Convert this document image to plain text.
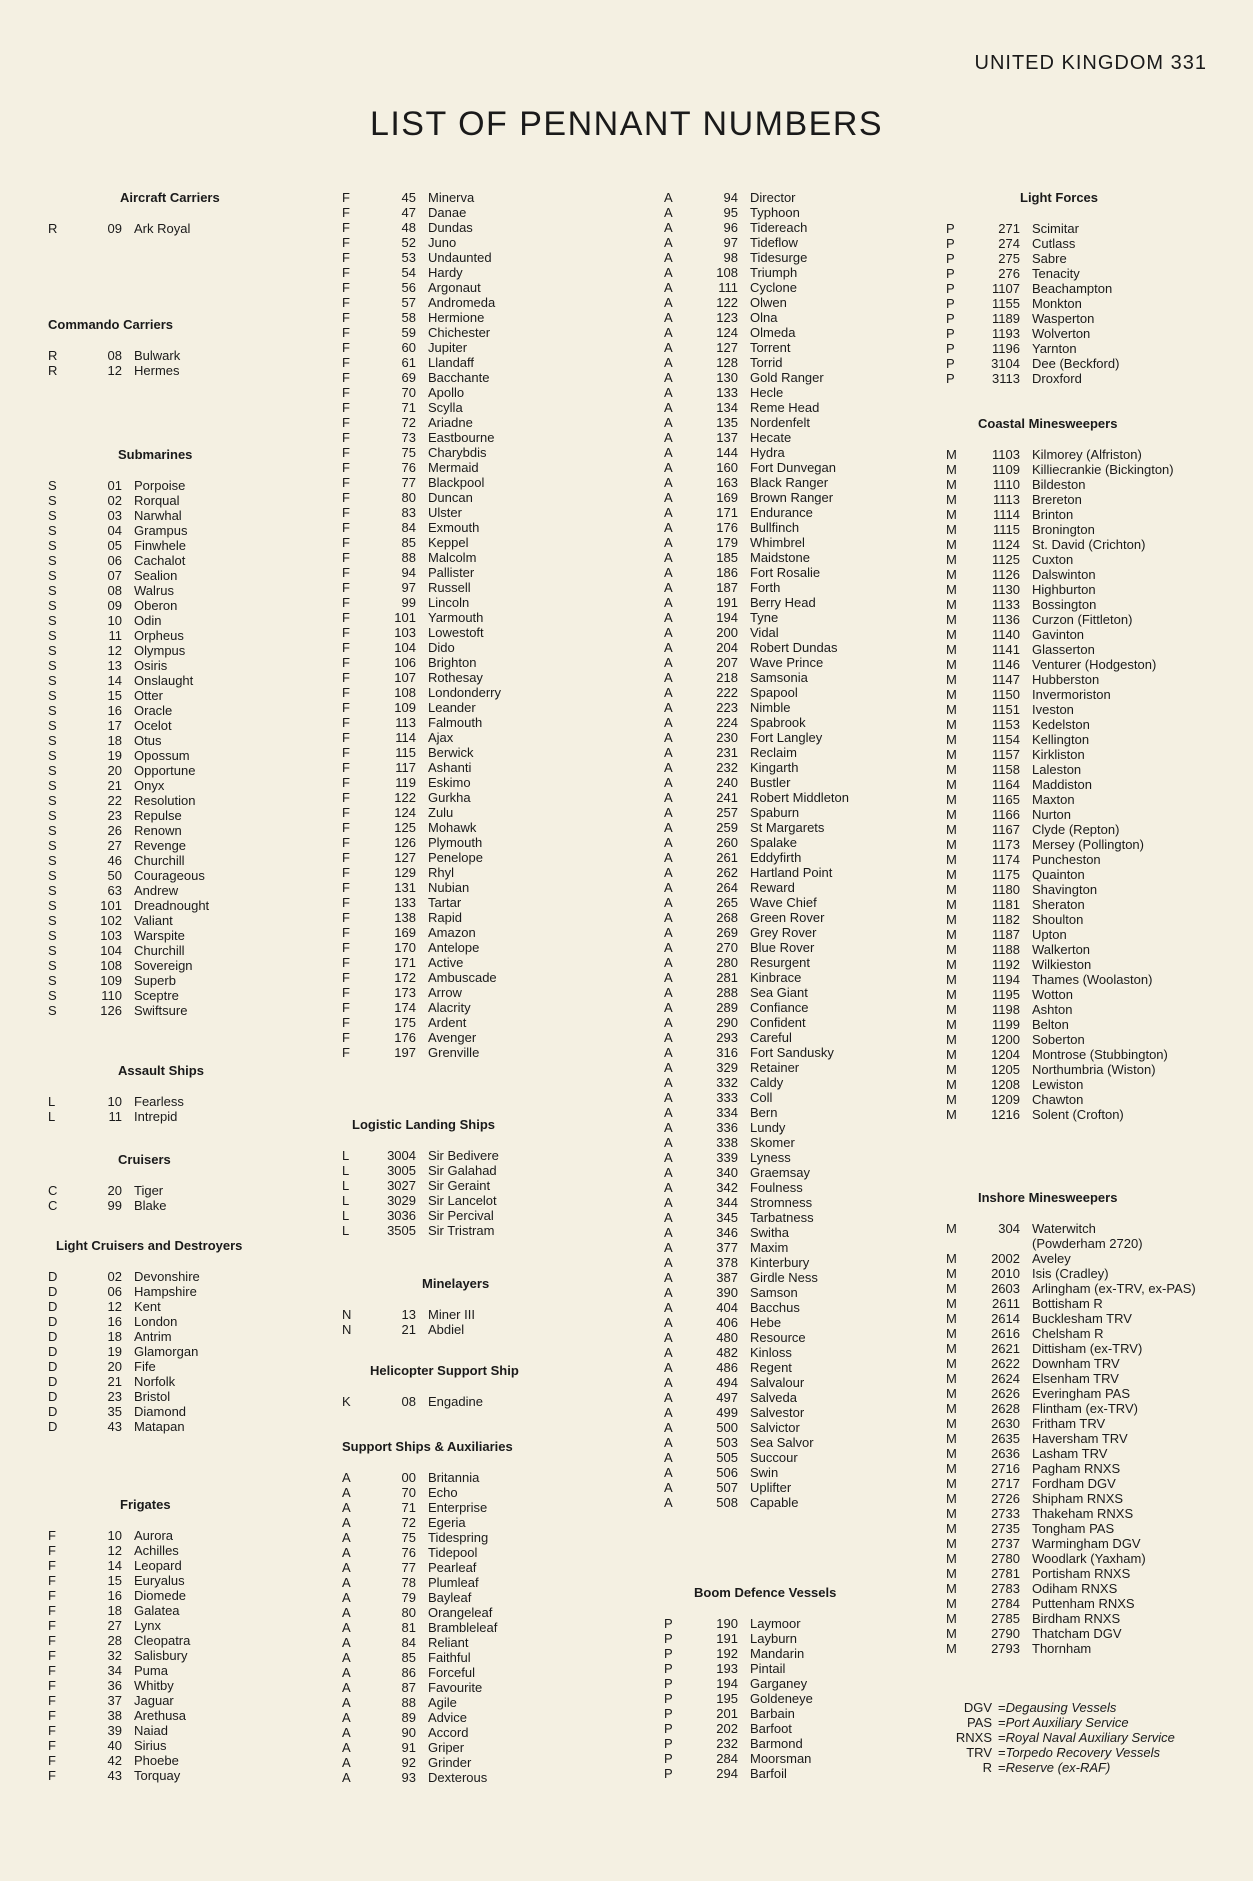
UNITED KINGDOM 331
LIST OF PENNANT NUMBERS
Aircraft Carriers
R	09 Ark Royal
Commando Carriers
R	08 Bulwark
R	12 Hermes
Submarines
S	01 Porpoise
S	02 Rorqual
S	03 Narwhal
S	04 Grampus
S	05 Finwhele
S	06 Cachalot
S	07 Sealion
S	08 Walrus
S	09 Oberon
S	10 Odin
S	11 Orpheus
S	12 Olympus
S	13 Osiris
S	14 Onslaught
S	15 Otter
S	16 Oracle
S	17 Ocelot
S	18 Otus
S	19 Opossum
S	20 Opportune
S	21 Onyx
S	22 Resolution
S	23 Repulse
S	26 Renown
S	27 Revenge
S	46 Churchill
S	50 Courageous
S	63 Andrew
S	101 Dreadnought
S	102 Valiant
S	103 Warspite
S	104 Churchill
S	108 Sovereign
S	109 Superb
S	110 Sceptre
S	126 Swiftsure
Assault Ships
L	10 Fearless
L	11 Intrepid
Cruisers
C	20 Tiger
C	99 Blake
Light Cruisers and Destroyers
D	02 Devonshire
D	06 Hampshire
D	12 Kent
D	16 London
D	18 Antrim
D	19 Glamorgan
D	20 Fife
D	21 Norfolk
D	23 Bristol
D	35 Diamond
D	43 Matapan
Frigates
F	10 Aurora
F	12 Achilles
F	14 Leopard
F	15 Euryalus
F	16 Diomede
F	18 Galatea
F	27 Lynx
F	28 Cleopatra
F	32 Salisbury
F	34 Puma
F	36 Whitby
F	37 Jaguar
F	38 Arethusa
F	39 Naiad
F	40 Sirius
F	42 Phoebe
F	43 Torquay
F	45 Minerva
F	47 Danae
F	48 Dundas
F	52 Juno
F	53 Undaunted
F	54 Hardy
F	56 Argonaut
F	57 Andromeda
F	58 Hermione
F	59 Chichester
F	60 Jupiter
F	61 Llandaff
F	69 Bacchante
F	70 Apollo
F	71 Scylla
F	72 Ariadne
F	73 Eastbourne
F	75 Charybdis
F	76 Mermaid
F	77 Blackpool
F	80 Duncan
F	83 Ulster
F	84 Exmouth
F	85 Keppel
F	88 Malcolm
F	94 Pallister
F	97 Russell
F	99 Lincoln
F	101 Yarmouth
F	103 Lowestoft
F	104 Dido
F	106 Brighton
F	107 Rothesay
F	108 Londonderry
F	109 Leander
F	113 Falmouth
F	114 Ajax
F	115 Berwick
F	117 Ashanti
F	119 Eskimo
F	122 Gurkha
F	124 Zulu
F	125 Mohawk
F	126 Plymouth
F	127 Penelope
F	129 Rhyl
F	131 Nubian
F	133 Tartar
F	138 Rapid
F	169 Amazon
F	170 Antelope
F	171 Active
F	172 Ambuscade
F	173 Arrow
F	174 Alacrity
F	175 Ardent
F	176 Avenger
F	197 Grenville
Logistic Landing Ships
L	3004 Sir Bedivere
L	3005 Sir Galahad
L	3027 Sir Geraint
L	3029 Sir Lancelot
L	3036 Sir Percival
L	3505 Sir Tristram
Minelayers
N	13 Miner III
N	21 Abdiel
Helicopter Support Ship
K	08 Engadine
Support Ships & Auxiliaries
A	00 Britannia
A	70 Echo
A	71 Enterprise
A	72 Egeria
A	75 Tidespring
A	76 Tidepool
A	77 Pearleaf
A	78 Plumleaf
A	79 Bayleaf
A	80 Orangeleaf
A	81 Brambleleaf
A	84 Reliant
A	85 Faithful
A	86 Forceful
A	87 Favourite
A	88 Agile
A	89 Advice
A	90 Accord
A	91 Griper
A	92 Grinder
A	93 Dexterous
A	94 Director
A	95 Typhoon
A	96 Tidereach
A	97 Tideflow
A	98 Tidesurge
A	108 Triumph
A	111 Cyclone
A	122 Olwen
A	123 Olna
A	124 Olmeda
A	127 Torrent
A	128 Torrid
A	130 Gold Ranger
A	133 Hecle
A	134 Reme Head
A	135 Nordenfelt
A	137 Hecate
A	144 Hydra
A	160 Fort Dunvegan
A	163 Black Ranger
A	169 Brown Ranger
A	171 Endurance
A	176 Bullfinch
A	179 Whimbrel
A	185 Maidstone
A	186 Fort Rosalie
A	187 Forth
A	191 Berry Head
A	194 Tyne
A	200 Vidal
A	204 Robert Dundas
A	207 Wave Prince
A	218 Samsonia
A	222 Spapool
A	223 Nimble
A	224 Spabrook
A	230 Fort Langley
A	231 Reclaim
A	232 Kingarth
A	240 Bustler
A	241 Robert Middleton
A	257 Spaburn
A	259 St Margarets
A	260 Spalake
A	261 Eddyfirth
A	262 Hartland Point
A	264 Reward
A	265 Wave Chief
A	268 Green Rover
A	269 Grey Rover
A	270 Blue Rover
A	280 Resurgent
A	281 Kinbrace
A	288 Sea Giant
A	289 Confiance
A	290 Confident
A	293 Careful
A	316 Fort Sandusky
A	329 Retainer
A	332 Caldy
A	333 Coll
A	334 Bern
A	336 Lundy
A	338 Skomer
A	339 Lyness
A	340 Graemsay
A	342 Foulness
A	344 Stromness
A	345 Tarbatness
A	346 Switha
A	377 Maxim
A	378 Kinterbury
A	387 Girdle Ness
A	390 Samson
A	404 Bacchus
A	406 Hebe
A	480 Resource
A	482 Kinloss
A	486 Regent
A	494 Salvalour
A	497 Salveda
A	499 Salvestor
A	500 Salvictor
A	503 Sea Salvor
A	505 Succour
A	506 Swin
A	507 Uplifter
A	508 Capable
Boom Defence Vessels
P	190 Laymoor
P	191 Layburn
P	192 Mandarin
P	193 Pintail
P	194 Garganey
P	195 Goldeneye
P	201 Barbain
P	202 Barfoot
P	232 Barmond
P	284 Moorsman
P	294 Barfoil
Light Forces
P	271 Scimitar
P	274 Cutlass
P	275 Sabre
P	276 Tenacity
P	1107 Beachampton
P	1155 Monkton
P	1189 Wasperton
P	1193 Wolverton
P	1196 Yarnton
P	3104 Dee (Beckford)
P	3113 Droxford
Coastal Minesweepers
M	1103 Kilmorey (Alfriston)
M	1109 Killiecrankie (Bickington)
M	1110 Bildeston
M	1113 Brereton
M	1114 Brinton
M	1115 Bronington
M	1124 St. David (Crichton)
M	1125 Cuxton
M	1126 Dalswinton
M	1130 Highburton
M	1133 Bossington
M	1136 Curzon (Fittleton)
M	1140 Gavinton
M	1141 Glasserton
M	1146 Venturer (Hodgeston)
M	1147 Hubberston
M	1150 Invermoriston
M	1151 Iveston
M	1153 Kedelston
M	1154 Kellington
M	1157 Kirkliston
M	1158 Laleston
M	1164 Maddiston
M	1165 Maxton
M	1166 Nurton
M	1167 Clyde (Repton)
M	1173 Mersey (Pollington)
M	1174 Puncheston
M	1175 Quainton
M	1180 Shavington
M	1181 Sheraton
M	1182 Shoulton
M	1187 Upton
M	1188 Walkerton
M	1192 Wilkieston
M	1194 Thames (Woolaston)
M	1195 Wotton
M	1198 Ashton
M	1199 Belton
M	1200 Soberton
M	1204 Montrose (Stubbington)
M	1205 Northumbria (Wiston)
M	1208 Lewiston
M	1209 Chawton
M	1216 Solent (Crofton)
Inshore Minesweepers
M	304 Waterwitch
(Powderham 2720)
M	2002 Aveley
M	2010 Isis (Cradley)
M	2603 Arlingham (ex-TRV, ex-PAS)
M	2611 Bottisham R
M	2614 Bucklesham TRV
M	2616 Chelsham R
M	2621 Dittisham (ex-TRV)
M	2622 Downham TRV
M	2624 Elsenham TRV
M	2626 Everingham PAS
M	2628 Flintham (ex-TRV)
M	2630 Fritham TRV
M	2635 Haversham TRV
M	2636 Lasham TRV
M	2716 Pagham RNXS
M	2717 Fordham DGV
M	2726 Shipham RNXS
M	2733 Thakeham RNXS
M	2735 Tongham PAS
M	2737 Warmingham DGV
M	2780 Woodlark (Yaxham)
M	2781 Portisham RNXS
M	2783 Odiham RNXS
M	2784 Puttenham RNXS
M	2785 Birdham RNXS
M	2790 Thatcham DGV
M	2793 Thornham
DGV = Degausing Vessels
PAS = Port Auxiliary Service
RNXS = Royal Naval Auxiliary Service
TRV = Torpedo Recovery Vessels
R = Reserve (ex-RAF)
